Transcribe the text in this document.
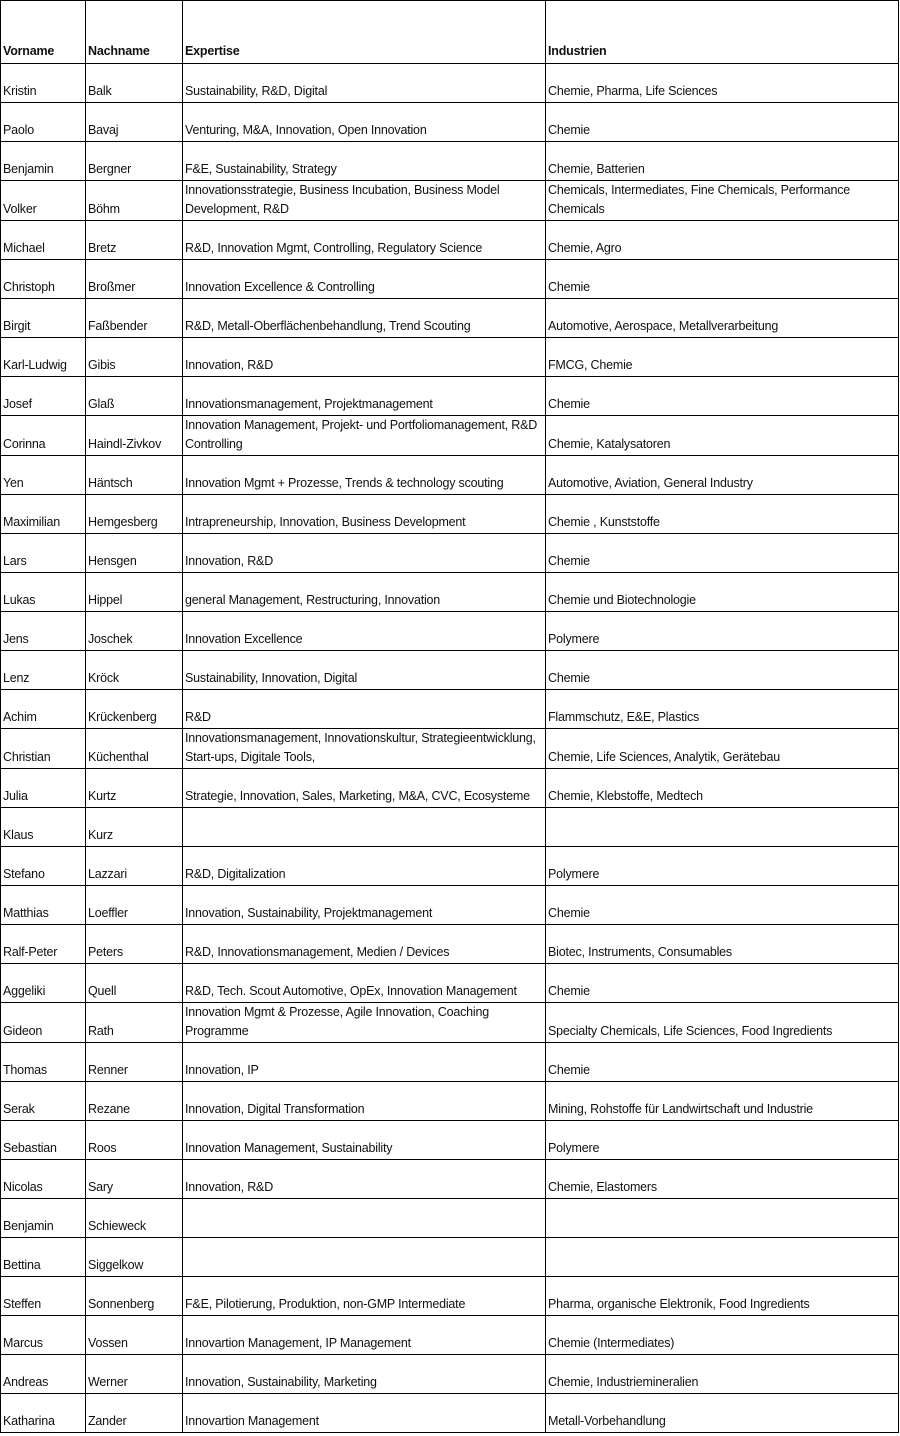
Vorname	Nachname	Expertise	Industrien
Kristin	Balk	Sustainability, R&D, Digital	Chemie, Pharma, Life Sciences
Paolo	Bavaj	Venturing, M&A, Innovation, Open Innovation	Chemie
Benjamin	Bergner	F&E, Sustainability, Strategy	Chemie, Batterien
Volker	Böhm	Innovationsstrategie, Business Incubation, Business Model Development, R&D	Chemicals, Intermediates, Fine Chemicals, Performance Chemicals
Michael	Bretz	R&D, Innovation Mgmt, Controlling, Regulatory Science	Chemie, Agro
Christoph	Broßmer	Innovation Excellence & Controlling	Chemie
Birgit	Faßbender	R&D, Metall-Oberflächenbehandlung, Trend Scouting	Automotive, Aerospace, Metallverarbeitung
Karl-Ludwig	Gibis	Innovation, R&D	FMCG, Chemie
Josef	Glaß	Innovationsmanagement, Projektmanagement	Chemie
Corinna	Haindl-Zivkov	Innovation Management, Projekt- und Portfoliomanagement, R&D Controlling	Chemie, Katalysatoren
Yen	Häntsch	Innovation Mgmt + Prozesse, Trends & technology scouting	Automotive, Aviation, General Industry
Maximilian	Hemgesberg	Intrapreneurship, Innovation, Business Development	Chemie , Kunststoffe
Lars	Hensgen	Innovation, R&D	Chemie
Lukas	Hippel	general Management, Restructuring, Innovation	Chemie und Biotechnologie
Jens	Joschek	Innovation Excellence	Polymere
Lenz	Kröck	Sustainability, Innovation, Digital	Chemie
Achim	Krückenberg	R&D	Flammschutz, E&E, Plastics
Christian	Küchenthal	Innovationsmanagement, Innovationskultur, Strategieentwicklung, Start-ups, Digitale Tools,	Chemie, Life Sciences, Analytik, Gerätebau
Julia	Kurtz	Strategie, Innovation, Sales, Marketing, M&A, CVC, Ecosysteme	Chemie, Klebstoffe, Medtech
Klaus	Kurz		
Stefano	Lazzari	R&D, Digitalization	Polymere
Matthias	Loeffler	Innovation, Sustainability, Projektmanagement	Chemie
Ralf-Peter	Peters	R&D, Innovationsmanagement, Medien / Devices	Biotec, Instruments, Consumables
Aggeliki	Quell	R&D, Tech. Scout Automotive, OpEx, Innovation Management	Chemie
Gideon	Rath	Innovation Mgmt & Prozesse, Agile Innovation, Coaching Programme	Specialty Chemicals, Life Sciences, Food Ingredients
Thomas	Renner	Innovation, IP	Chemie
Serak	Rezane	Innovation, Digital Transformation	Mining, Rohstoffe für Landwirtschaft und Industrie
Sebastian	Roos	Innovation Management, Sustainability	Polymere
Nicolas	Sary	Innovation, R&D	Chemie, Elastomers
Benjamin	Schieweck		
Bettina	Siggelkow		
Steffen	Sonnenberg	F&E, Pilotierung, Produktion, non-GMP Intermediate	Pharma, organische Elektronik, Food Ingredients
Marcus	Vossen	Innovartion Management, IP Management	Chemie (Intermediates)
Andreas	Werner	Innovation, Sustainability, Marketing	Chemie, Industriemineralien
Katharina	Zander	Innovartion Management	Metall-Vorbehandlung
